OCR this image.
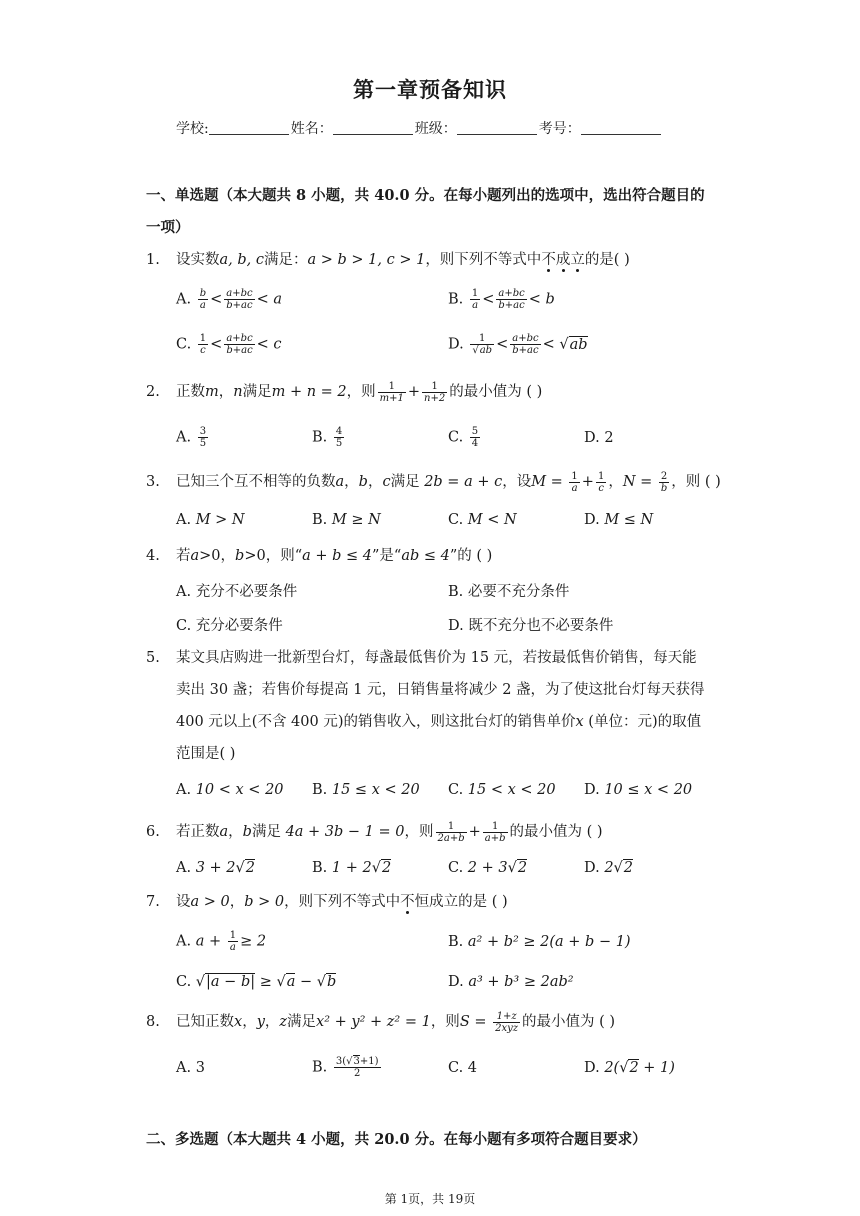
第一章预备知识
学校:	姓名：	班级：	考号：
一、单选题（本大题共 8 小题，共 40.0 分。在每小题列出的选项中，选出符合题目的
一项）
1. 设实数a, b, c满足：a > b > 1, c > 1，则下列不等式中不成立的是( )
A. $\frac{b}{a} < \frac{a+bc}{b+ac} < a$	B. $\frac{1}{a} < \frac{a+bc}{b+ac} < b$
C. $\frac{1}{c} < \frac{a+bc}{b+ac} < c$	D. $\frac{1}{√ab} < \frac{a+bc}{b+ac} < √ab$
2. 正数m，n满足m + n = 2，则 $\frac{1}{m+1} + \frac{1}{n+2}$ 的最小值为 ( )
A. $\frac{3}{5}$	B. $\frac{4}{5}$	C. $\frac{5}{4}$	D. 2
3. 已知三个互不相等的负数a，b，c满足 2b = a + c，设$M = \frac{1}{a} + \frac{1}{c}$ ，$N = \frac{2}{b}$ ，则 ( )
A. M > N	B. M ≥ N	C. M < N	D. M ≤ N
4. 若a>0，b>0，则“a + b ≤ 4”是“ab ≤ 4”的 ( )
A. 充分不必要条件	B. 必要不充分条件
C. 充分必要条件	D. 既不充分也不必要条件
5. 某文具店购进一批新型台灯，每盏最低售价为 15 元，若按最低售价销售，每天能
卖出 30 盏；若售价每提高 1 元，日销售量将减少 2 盏，为了使这批台灯每天获得
400 元以上(不含 400 元)的销售收入，则这批台灯的销售单价x (单位：元)的取值
范围是( )
A. 10 < x < 20 B. 15 ≤ x < 20 C. 15 < x < 20 D. 10 ≤ x < 20
6. 若正数a，b满足 4a + 3b − 1 = 0，则 $\frac{1}{2a+b} + \frac{1}{a+b}$ 的最小值为 ( )
A. 3 + 2√2	B. 1 + 2√2	C. 2 + 3√2	D. 2√2
7. 设a > 0，b > 0，则下列不等式中不恒成立的是 ( )
A. $a + \frac{1}{a} \ge 2$	B. a² + b² ≥ 2(a + b − 1)
C. √|a − b| ≥ √a − √b	D. a³ + b³ ≥ 2ab²
8. 已知正数x，y，z满足x² + y² + z² = 1，则$S = \frac{1+z}{\text{2xyz}}$ 的最小值为 ( )
A. 3	B. $\frac{3(√3+1)}{2}$	C. 4	D. 2(√2 + 1)
二、多选题（本大题共 4 小题，共 20.0 分。在每小题有多项符合题目要求）
第 1页，共 19页
